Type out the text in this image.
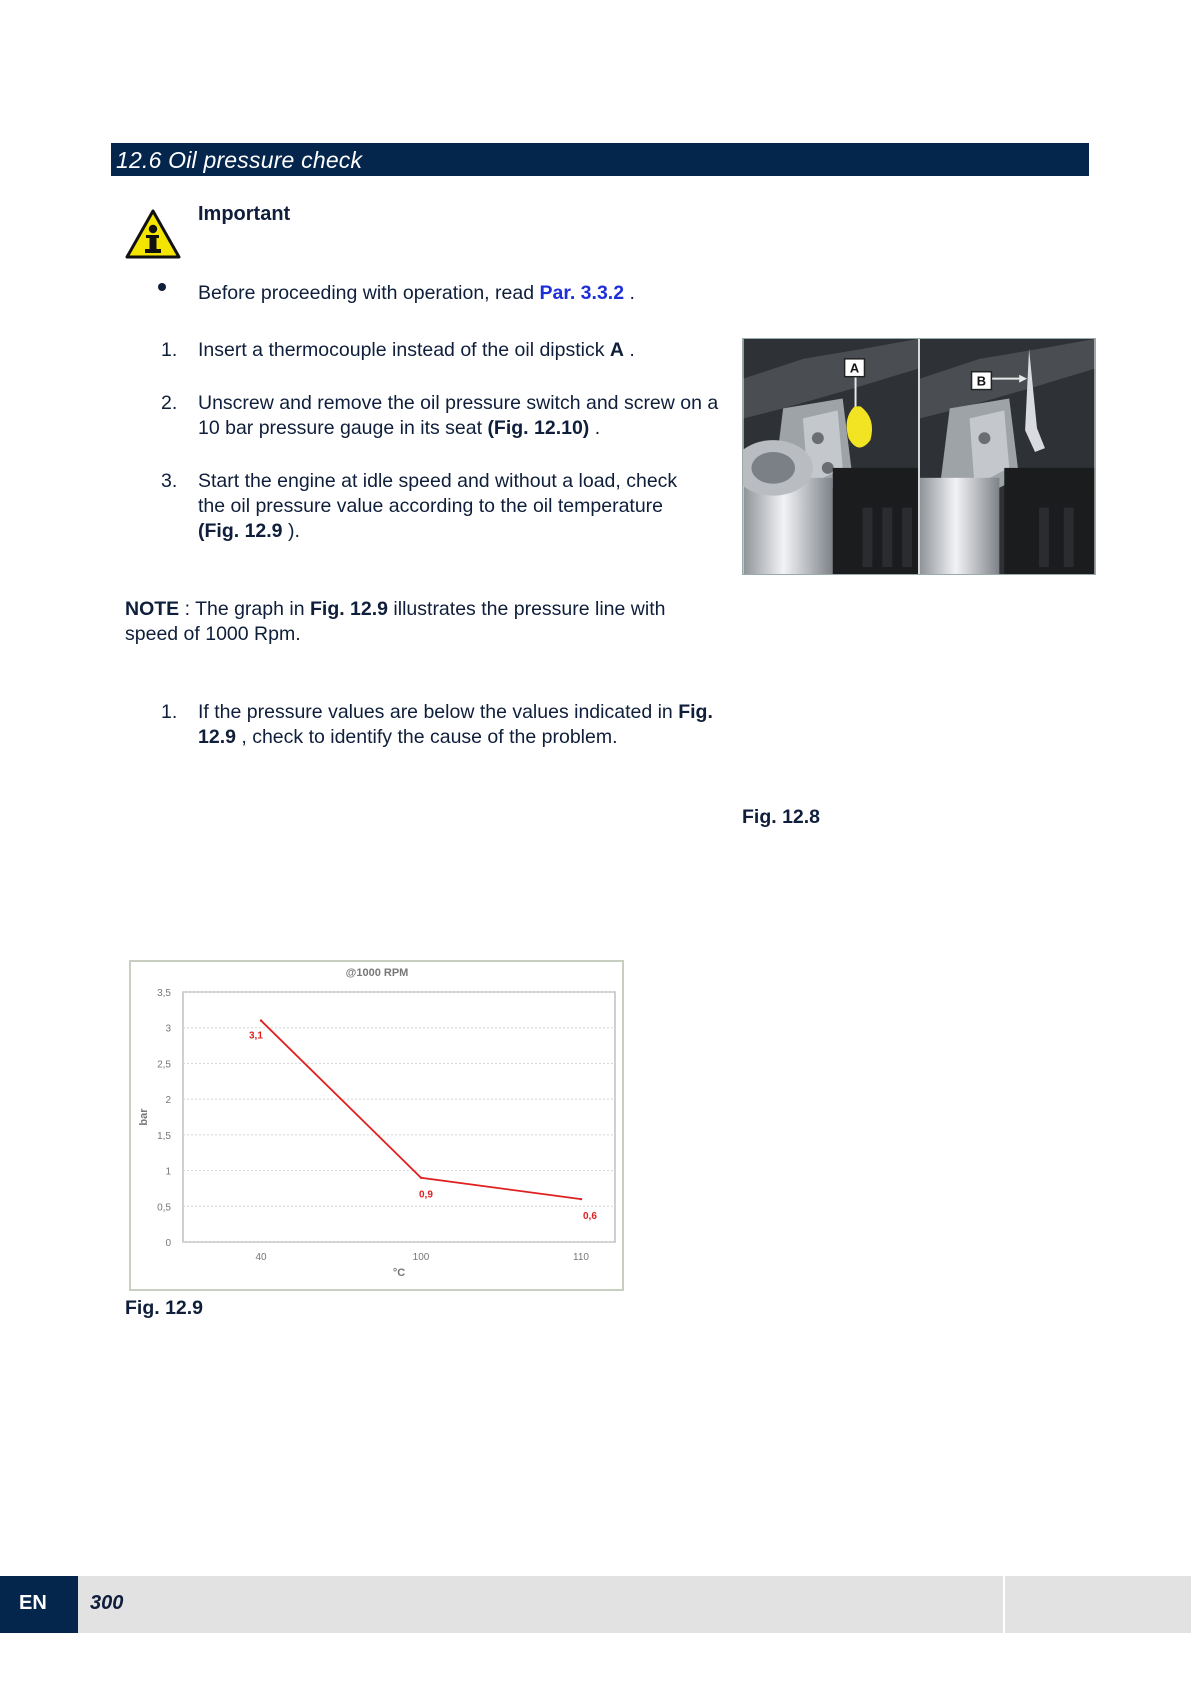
12.6 Oil pressure check
Important
Before proceeding with operation, read Par. 3.3.2 .
1. Insert a thermocouple instead of the oil dipstick A .
2. Unscrew and remove the oil pressure switch and screw on a 10 bar pressure gauge in its seat (Fig. 12.10) .
3. Start the engine at idle speed and without a load, check the oil pressure value according to the oil temperature (Fig. 12.9 ).
NOTE : The graph in Fig. 12.9 illustrates the pressure line with speed of 1000 Rpm.
1. If the pressure values are below the values indicated in Fig. 12.9 , check to identify the cause of the problem.
A
B
Fig. 12.8
@1000 RPM
0
0,5
1
1,5
2
2,5
3
3,5
40	100	110
3,1
0,9
0,6
bar
°C
Fig. 12.9
EN 300
